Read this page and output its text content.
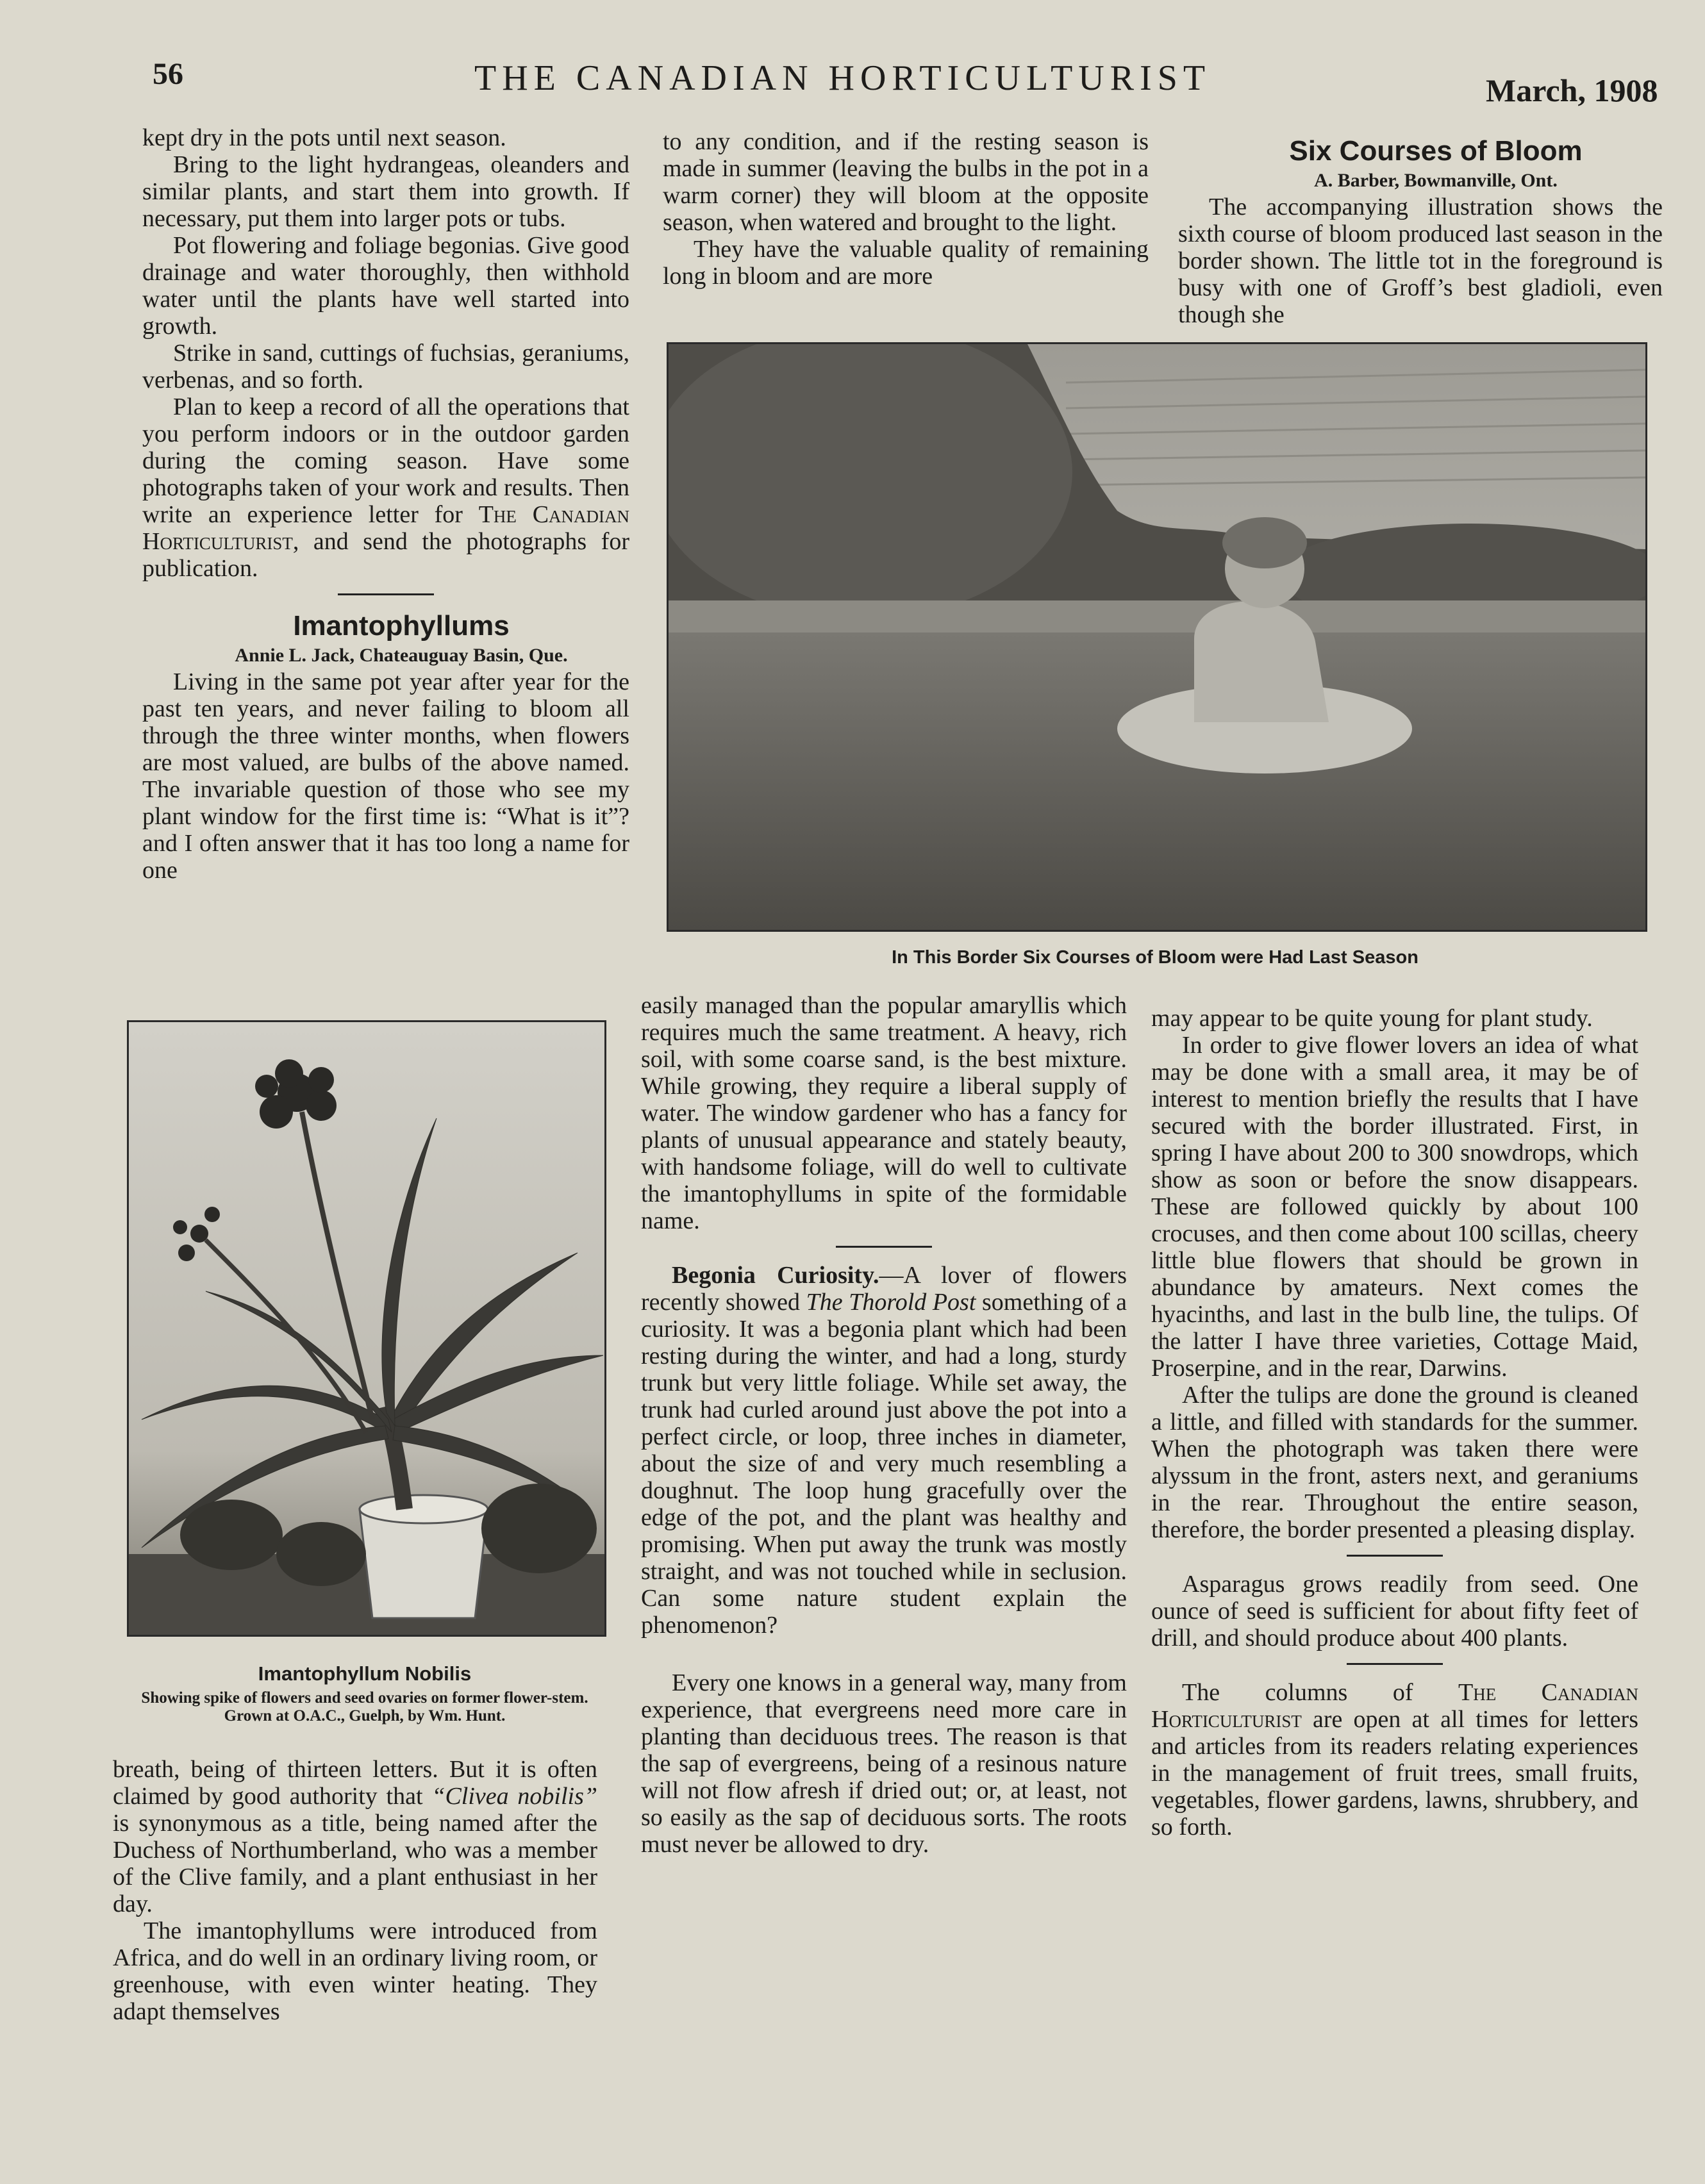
56	THE CANADIAN HORTICULTURIST	March, 1908

kept dry in the pots until next season.

Bring to the light hydrangeas, oleanders and similar plants, and start them into growth. If necessary, put them into larger pots or tubs.

Pot flowering and foliage begonias. Give good drainage and water thoroughly, then withhold water until the plants have well started into growth.

Strike in sand, cuttings of fuchsias, geraniums, verbenas, and so forth.

Plan to keep a record of all the operations that you perform indoors or in the outdoor garden during the coming season. Have some photographs taken of your work and results. Then write an experience letter for The Canadian Horticulturist, and send the photographs for publication.

Imantophyllums

Annie L. Jack, Chateauguay Basin, Que.

Living in the same pot year after year for the past ten years, and never failing to bloom all through the three winter months, when flowers are most valued, are bulbs of the above named. The invariable question of those who see my plant window for the first time is: “What is it”? and I often answer that it has too long a name for one

Imantophyllum Nobilis
Showing spike of flowers and seed ovaries on former flower-stem. Grown at O.A.C., Guelph, by Wm. Hunt.

breath, being of thirteen letters. But it is often claimed by good authority that “Clivea nobilis” is synonymous as a title, being named after the Duchess of Northumberland, who was a member of the Clive family, and a plant enthusiast in her day.

The imantophyllums were introduced from Africa, and do well in an ordinary living room, or greenhouse, with even winter heating. They adapt themselves

to any condition, and if the resting season is made in summer (leaving the bulbs in the pot in a warm corner) they will bloom at the opposite season, when watered and brought to the light.

They have the valuable quality of remaining long in bloom and are more

Six Courses of Bloom

A. Barber, Bowmanville, Ont.

The accompanying illustration shows the sixth course of bloom produced last season in the border shown. The little tot in the foreground is busy with one of Groff’s best gladioli, even though she

In This Border Six Courses of Bloom were Had Last Season

easily managed than the popular amaryllis which requires much the same treatment. A heavy, rich soil, with some coarse sand, is the best mixture. While growing, they require a liberal supply of water. The window gardener who has a fancy for plants of unusual appearance and stately beauty, with handsome foliage, will do well to cultivate the imantophyllums in spite of the formidable name.

Begonia Curiosity.—A lover of flowers recently showed The Thorold Post something of a curiosity. It was a begonia plant which had been resting during the winter, and had a long, sturdy trunk but very little foliage. While set away, the trunk had curled around just above the pot into a perfect circle, or loop, three inches in diameter, about the size of and very much resembling a doughnut. The loop hung gracefully over the edge of the pot, and the plant was healthy and promising. When put away the trunk was mostly straight, and was not touched while in seclusion. Can some nature student explain the phenomenon?

Every one knows in a general way, many from experience, that evergreens need more care in planting than deciduous trees. The reason is that the sap of evergreens, being of a resinous nature will not flow afresh if dried out; or, at least, not so easily as the sap of deciduous sorts. The roots must never be allowed to dry.

may appear to be quite young for plant study.

In order to give flower lovers an idea of what may be done with a small area, it may be of interest to mention briefly the results that I have secured with the border illustrated. First, in spring I have about 200 to 300 snowdrops, which show as soon or before the snow disappears. These are followed quickly by about 100 crocuses, and then come about 100 scillas, cheery little blue flowers that should be grown in abundance by amateurs. Next comes the hyacinths, and last in the bulb line, the tulips. Of the latter I have three varieties, Cottage Maid, Proserpine, and in the rear, Darwins.

After the tulips are done the ground is cleaned a little, and filled with standards for the summer. When the photograph was taken there were alyssum in the front, asters next, and geraniums in the rear. Throughout the entire season, therefore, the border presented a pleasing display.

Asparagus grows readily from seed. One ounce of seed is sufficient for about fifty feet of drill, and should produce about 400 plants.

The columns of The Canadian Horticulturist are open at all times for letters and articles from its readers relating experiences in the management of fruit trees, small fruits, vegetables, flower gardens, lawns, shrubbery, and so forth.
